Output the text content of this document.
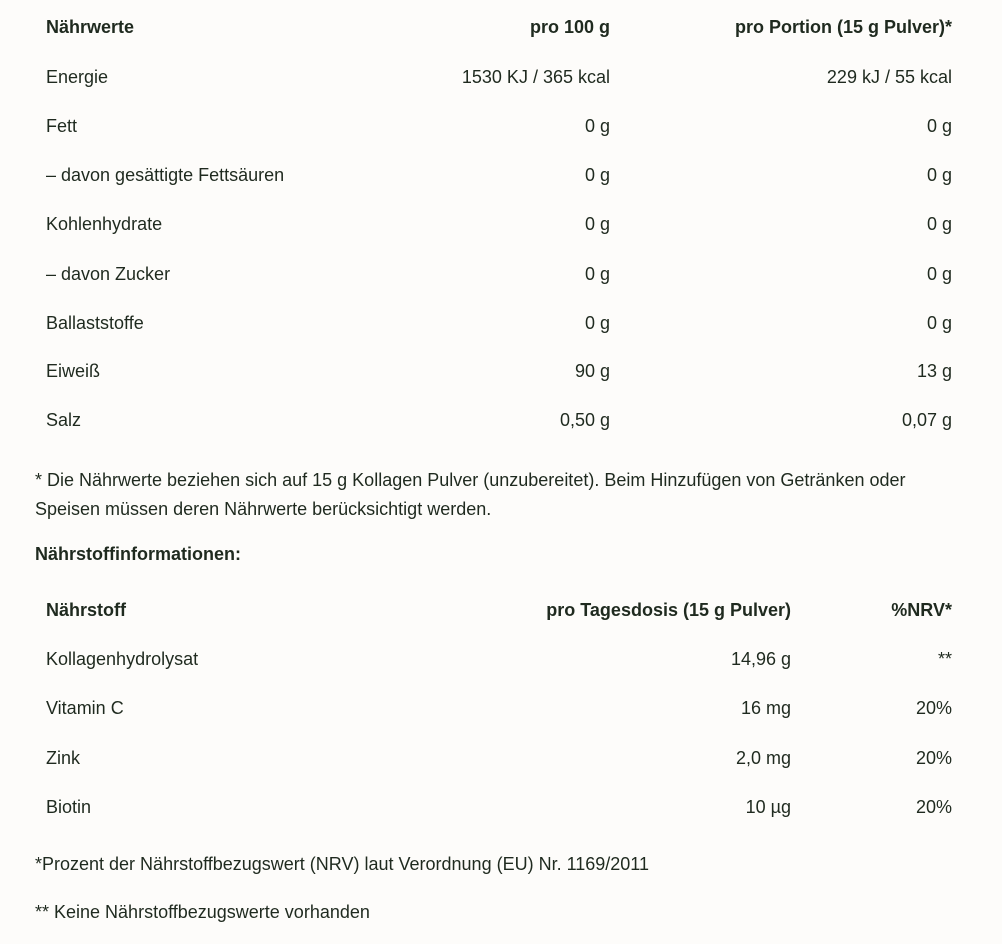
Nährwerte	pro 100 g	pro Portion (15 g Pulver)*
Energie	1530 KJ / 365 kcal	229 kJ / 55 kcal
Fett	0 g	0 g
– davon gesättigte Fettsäuren	0 g	0 g
Kohlenhydrate	0 g	0 g
– davon Zucker	0 g	0 g
Ballaststoffe	0 g	0 g
Eiweiß	90 g	13 g
Salz	0,50 g	0,07 g
* Die Nährwerte beziehen sich auf 15 g Kollagen Pulver (unzubereitet). Beim Hinzufügen von Getränken oder Speisen müssen deren Nährwerte berücksichtigt werden.
Nährstoffinformationen:
Nährstoff	pro Tagesdosis (15 g Pulver)	%NRV*
Kollagenhydrolysat	14,96 g	**
Vitamin C	16 mg	20%
Zink	2,0 mg	20%
Biotin	10 µg	20%
*Prozent der Nährstoffbezugswert (NRV) laut Verordnung (EU) Nr. 1169/2011
** Keine Nährstoffbezugswerte vorhanden
